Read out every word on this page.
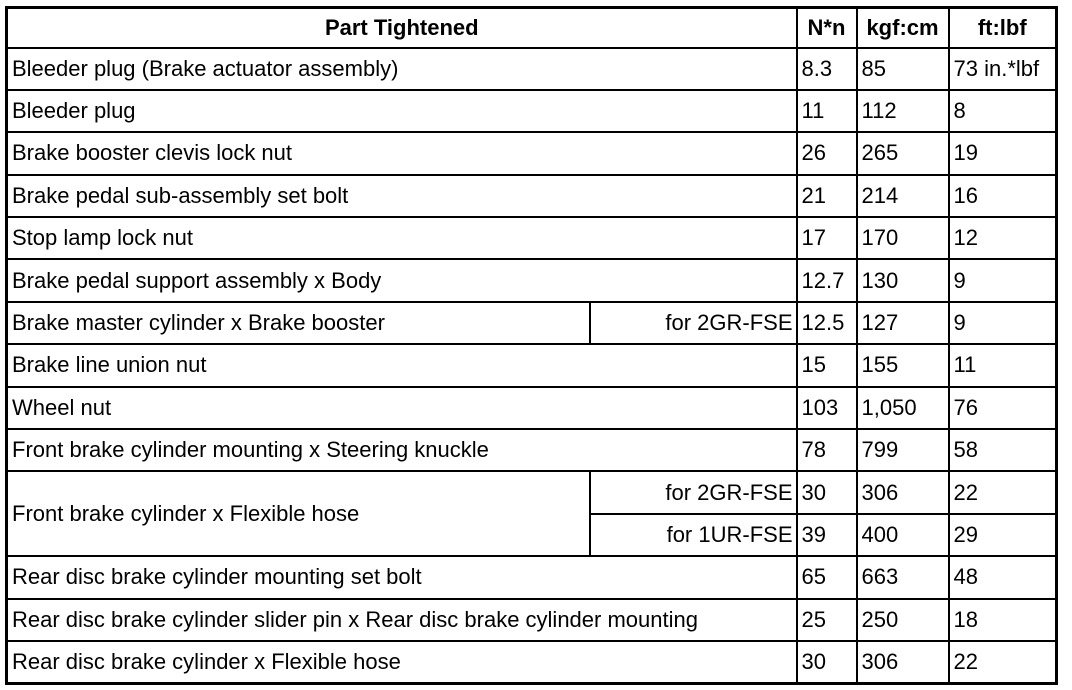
Part Tightened		N*n	kgf:cm	ft:lbf
Bleeder plug (Brake actuator assembly)		8.3	85	73 in.*lbf
Bleeder plug		11	112	8
Brake booster clevis lock nut		26	265	19
Brake pedal sub-assembly set bolt		21	214	16
Stop lamp lock nut		17	170	12
Brake pedal support assembly x Body		12.7	130	9
Brake master cylinder x Brake booster	for 2GR-FSE	12.5	127	9
Brake line union nut		15	155	11
Wheel nut		103	1,050	76
Front brake cylinder mounting x Steering knuckle		78	799	58
Front brake cylinder x Flexible hose	for 2GR-FSE	30	306	22
	for 1UR-FSE	39	400	29
Rear disc brake cylinder mounting set bolt		65	663	48
Rear disc brake cylinder slider pin x Rear disc brake cylinder mounting		25	250	18
Rear disc brake cylinder x Flexible hose		30	306	22
